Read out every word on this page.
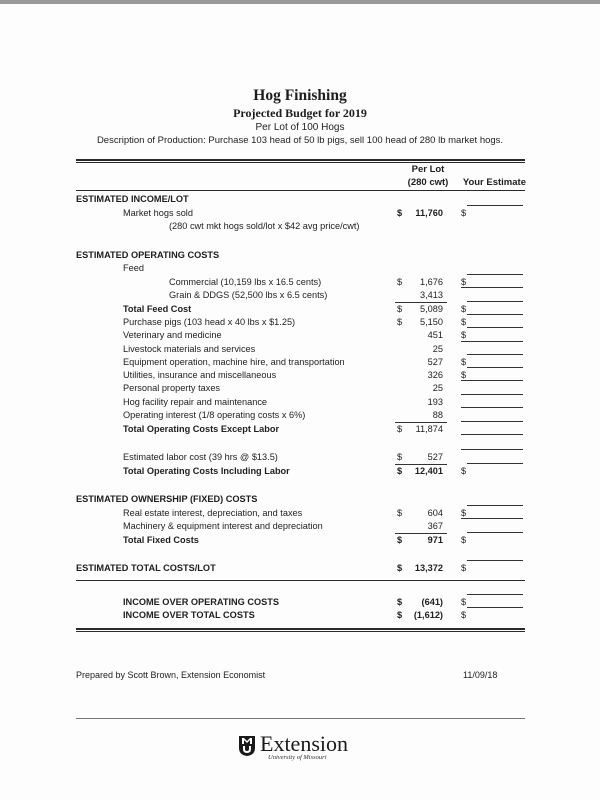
Hog Finishing
Projected Budget for 2019
Per Lot of 100 Hogs
Description of Production: Purchase 103 head of 50 lb pigs, sell 100 head of 280 lb market hogs.
Per Lot
(280 cwt)	Your Estimate
ESTIMATED INCOME/LOT
Market hogs sold	$ 11,760 $
(280 cwt mkt hogs sold/lot x $42 avg price/cwt)
ESTIMATED OPERATING COSTS
Feed
Commercial (10,159 lbs x 16.5 cents)	$ 1,676 $
Grain & DDGS (52,500 lbs x 6.5 cents)	3,413
Total Feed Cost	$ 5,089 $
Purchase pigs (103 head x 40 lbs x $1.25)	$ 5,150 $
Veterinary and medicine	451 $
Livestock materials and services	25
Equipment operation, machine hire, and transportation	527 $
Utilities, insurance and miscellaneous	326 $
Personal property taxes	25
Hog facility repair and maintenance	193
Operating interest (1/8 operating costs x 6%)	88
Total Operating Costs Except Labor	$ 11,874
Estimated labor cost (39 hrs @ $13.5)	$	527
Total Operating Costs Including Labor	$ 12,401 $
ESTIMATED OWNERSHIP (FIXED) COSTS
Real estate interest, depreciation, and taxes	$	604 $
Machinery & equipment interest and depreciation	367
Total Fixed Costs	$	971 $
ESTIMATED TOTAL COSTS/LOT	$ 13,372 $
INCOME OVER OPERATING COSTS	$ (641) $
INCOME OVER TOTAL COSTS	$ (1,612) $
Prepared by Scott Brown, Extension Economist	11/09/18
Extension
University of Missouri
